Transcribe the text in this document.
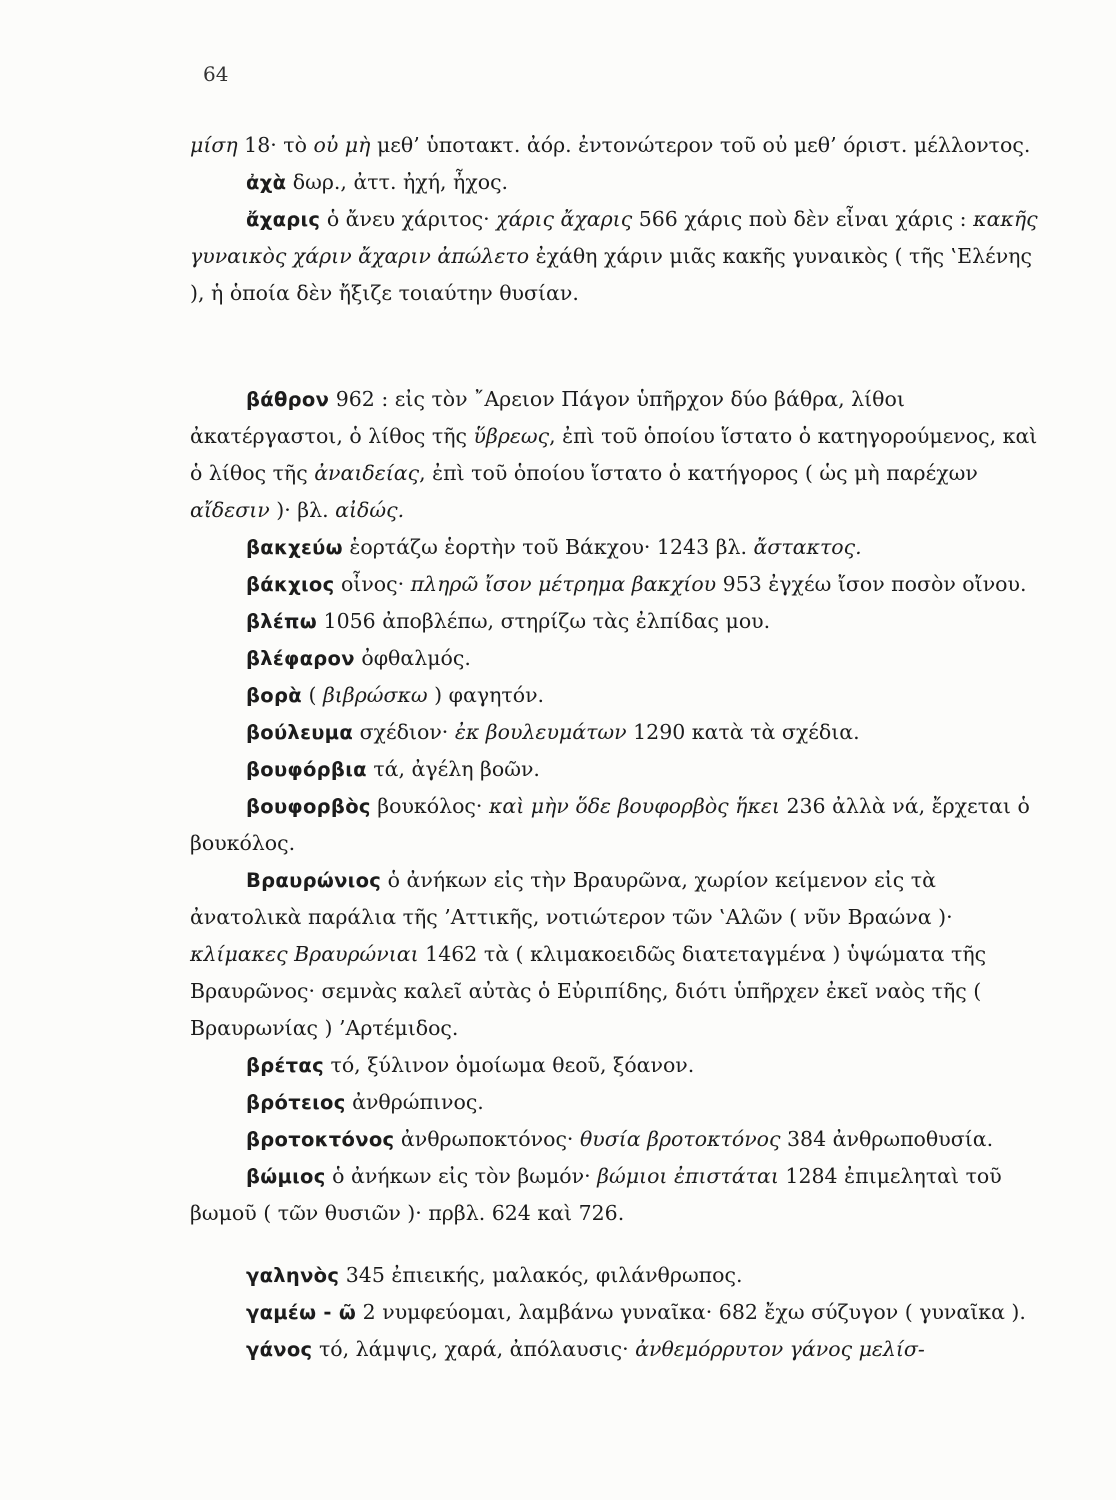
64

μίση 18· τὸ οὐ μὴ μεθ’ ὑποτακτ. ἀόρ. ἐντονώτερον τοῦ οὐ μεθ’ όριστ. μέλλοντος.

ἀχὰ δωρ., ἀττ. ἠχή, ἦχος.

ἄχαρις ὁ ἄνευ χάριτος· χάρις ἄχαρις 566 χάρις ποὺ δὲν εἶναι χάρις : κακῆς γυναικὸς χάριν ἄχαριν ἀπώλετο ἐχάθη χάριν μιᾶς κακῆς γυναικὸς ( τῆς ‛Ελένης ), ἡ ὁποία δὲν ἤξιζε τοιαύτην θυσίαν.

βάθρον 962 : εἰς τὸν ῎Αρειον Πάγον ὑπῆρχον δύο βάθρα, λίθοι ἀκατέργαστοι, ὁ λίθος τῆς ὕβρεως, ἐπὶ τοῦ ὁποίου ἵστατο ὁ κατηγορούμενος, καὶ ὁ λίθος τῆς ἀναιδείας, ἐπὶ τοῦ ὁποίου ἵστατο ὁ κατήγορος ( ὡς μὴ παρέχων αἴδεσιν )· βλ. αἰδώς.

βακχεύω ἑορτάζω ἑορτὴν τοῦ Βάκχου· 1243 βλ. ἄστακτος.

βάκχιος οἶνος· πληρῶ ἴσον μέτρημα βακχίου 953 ἐγχέω ἴσον ποσὸν οἴνου.

βλέπω 1056 ἀποβλέπω, στηρίζω τὰς ἐλπίδας μου.

βλέφαρον ὀφθαλμός.

βορὰ ( βιβρώσκω ) φαγητόν.

βούλευμα σχέδιον· ἐκ βουλευμάτων 1290 κατὰ τὰ σχέδια.

βουφόρβια τά, ἀγέλη βοῶν.

βουφορβὸς βουκόλος· καὶ μὴν ὅδε βουφορβὸς ἥκει 236 ἀλλὰ νά, ἔρχεται ὁ βουκόλος.

Βραυρώνιος ὁ ἀνήκων εἰς τὴν Βραυρῶνα, χωρίον κείμενον εἰς τὰ ἀνατολικὰ παράλια τῆς ’Αττικῆς, νοτιώτερον τῶν ‛Αλῶν ( νῦν Βραώνα )· κλίμακες Βραυρώνιαι 1462 τὰ ( κλιμακοειδῶς διατεταγμένα ) ὑψώματα τῆς Βραυρῶνος· σεμνὰς καλεῖ αὐτὰς ὁ Εὐριπίδης, διότι ὑπῆρχεν ἐκεῖ ναὸς τῆς ( Βραυρωνίας ) ’Αρτέμιδος.

βρέτας τό, ξύλινον ὁμοίωμα θεοῦ, ξόανον.

βρότειος ἀνθρώπινος.

βροτοκτόνος ἀνθρωποκτόνος· θυσία βροτοκτόνος 384 ἀνθρωποθυσία.

βώμιος ὁ ἀνήκων εἰς τὸν βωμόν· βώμιοι ἐπιστάται 1284 ἐπιμεληταὶ τοῦ βωμοῦ ( τῶν θυσιῶν )· πρβλ. 624 καὶ 726.

γαληνὸς 345 ἐπιεικής, μαλακός, φιλάνθρωπος.

γαμέω - ῶ 2 νυμφεύομαι, λαμβάνω γυναῖκα· 682 ἔχω σύζυγον ( γυναῖκα ).

γάνος τό, λάμψις, χαρά, ἀπόλαυσις· ἀνθεμόρρυτον γάνος μελίσ-
